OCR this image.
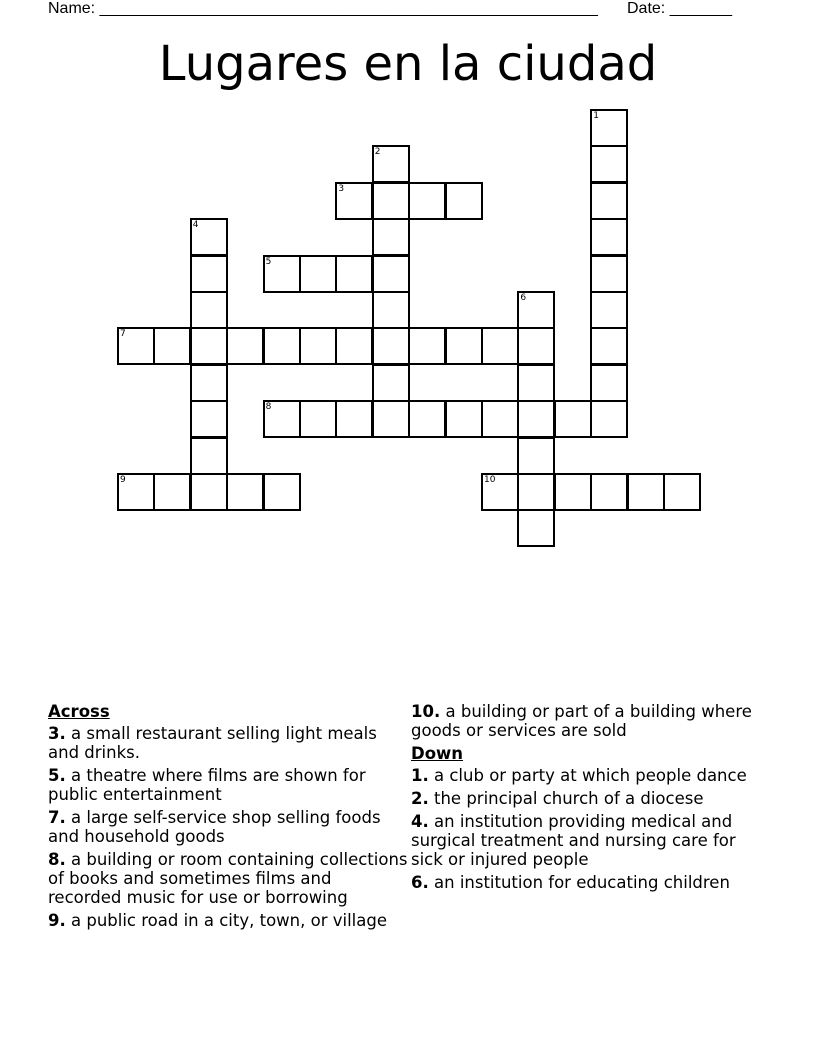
Name: ________________________________________________________ Date: _______
Lugares en la ciudad
1
2
3
4
5
6
7
8
9	10
Across
3. a small restaurant selling light meals and drinks.
5. a theatre where films are shown for public entertainment
7. a large self-service shop selling foods and household goods
8. a building or room containing collections of books and sometimes films and recorded music for use or borrowing
9. a public road in a city, town, or village
10. a building or part of a building where goods or services are sold
Down
1. a club or party at which people dance
2. the principal church of a diocese
4. an institution providing medical and surgical treatment and nursing care for sick or injured people
6. an institution for educating children
